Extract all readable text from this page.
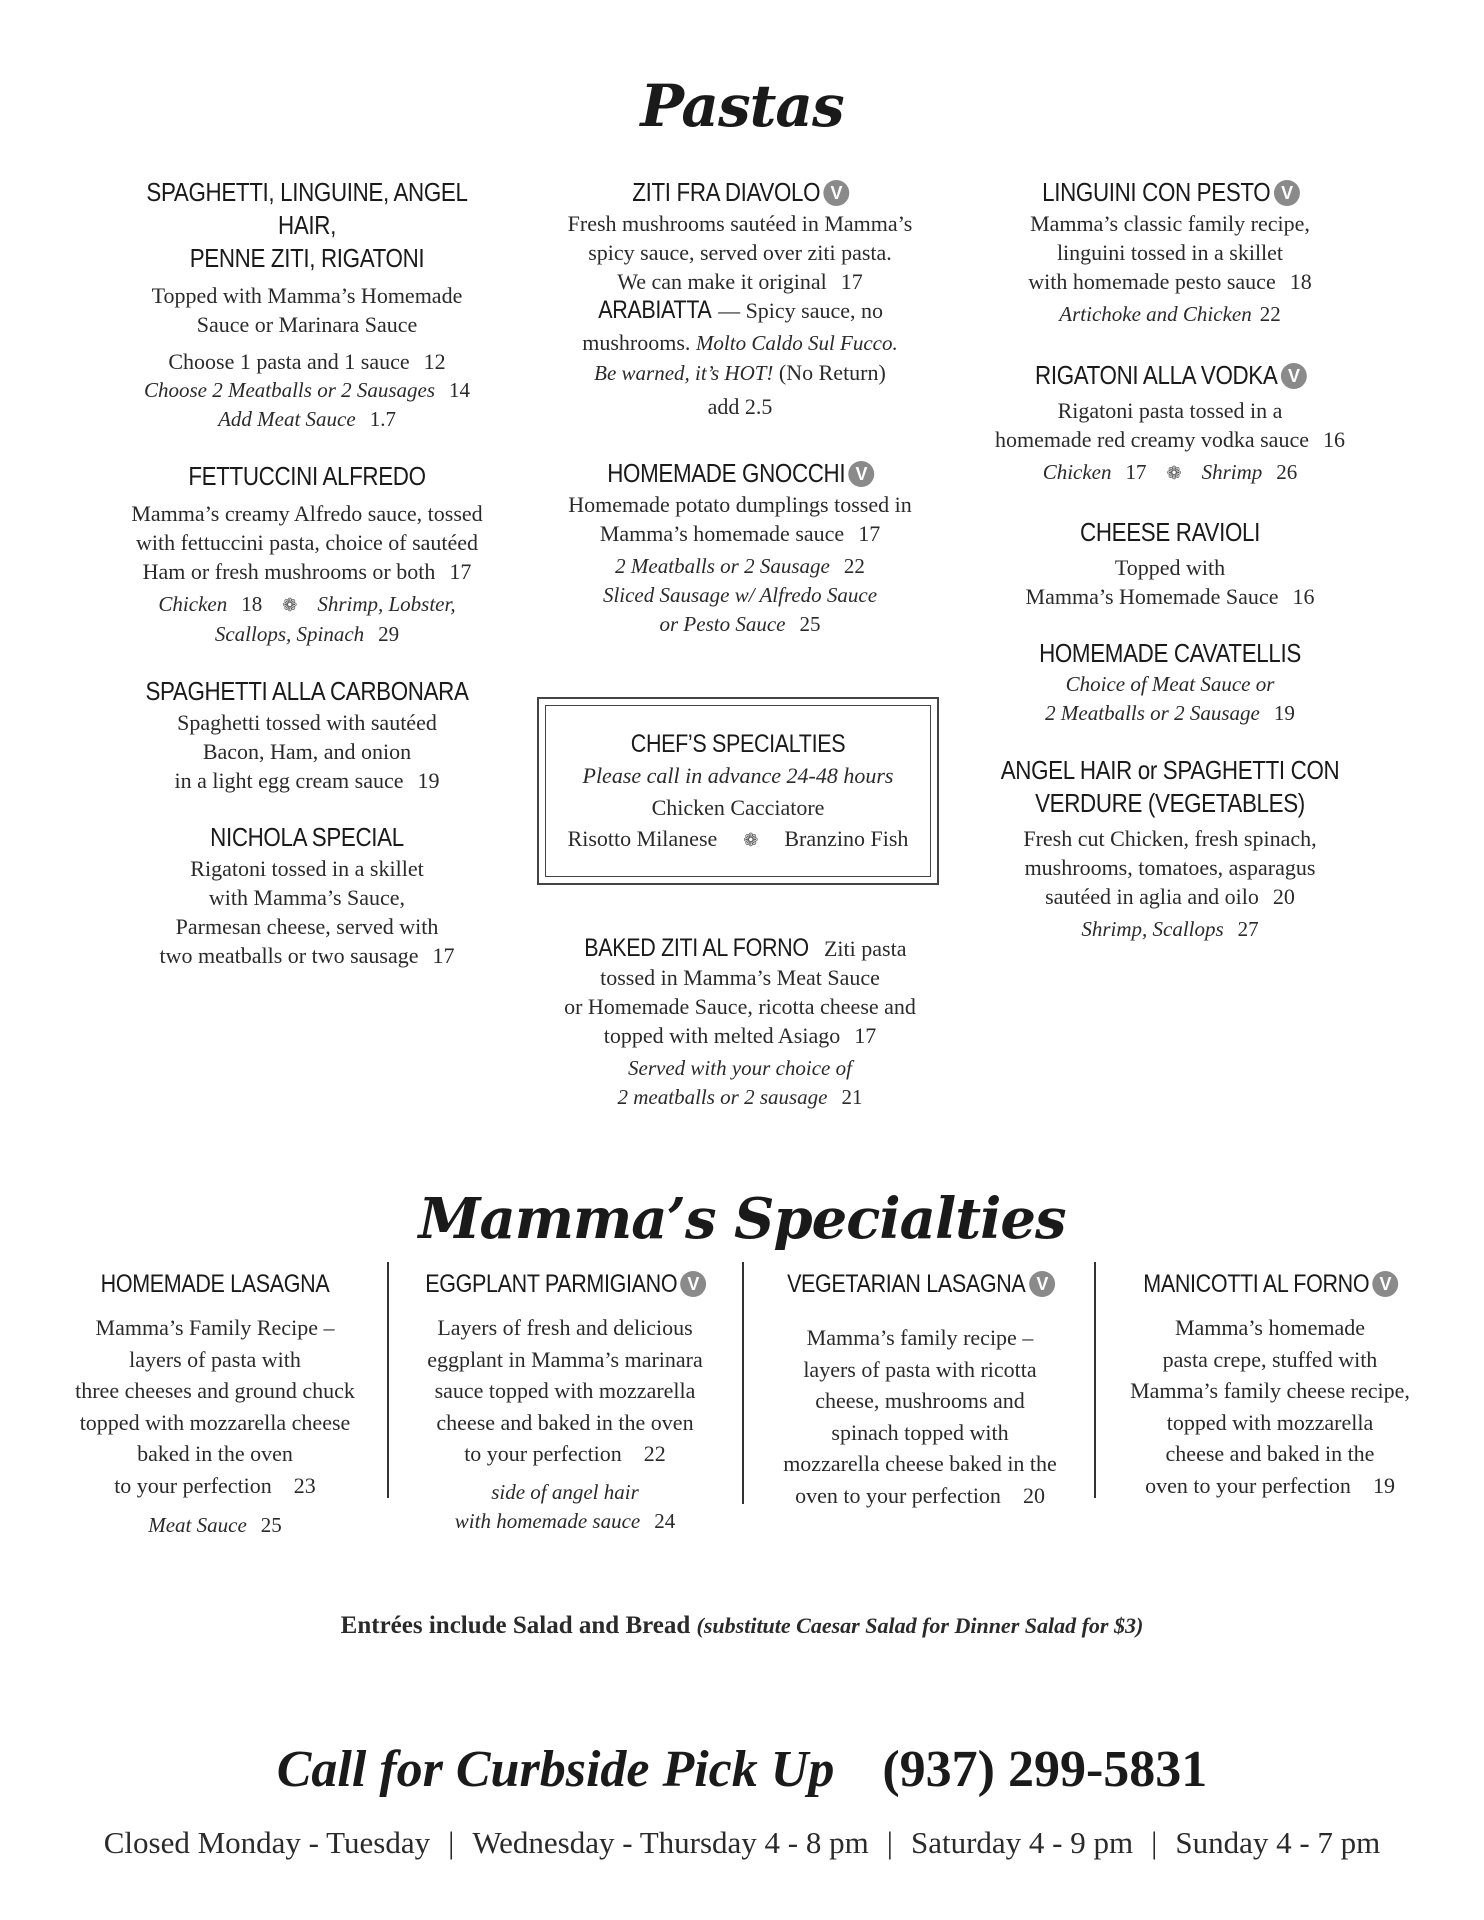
Pastas
SPAGHETTI, LINGUINE, ANGEL HAIR,
PENNE ZITI, RIGATONI
Topped with Mamma’s Homemade
Sauce or Marinara Sauce
Choose 1 pasta and 1 sauce 12
Choose 2 Meatballs or 2 Sausages 14
Add Meat Sauce 1.7
FETTUCCINI ALFREDO
Mamma’s creamy Alfredo sauce, tossed
with fettuccini pasta, choice of sautéed
Ham or fresh mushrooms or both 17
Chicken 18 ❁ Shrimp, Lobster,
Scallops, Spinach 29
SPAGHETTI ALLA CARBONARA
Spaghetti tossed with sautéed
Bacon, Ham, and onion
in a light egg cream sauce 19
NICHOLA SPECIAL
Rigatoni tossed in a skillet
with Mamma’s Sauce,
Parmesan cheese, served with
two meatballs or two sausage 17
ZITI FRA DIAVOLO V
Fresh mushrooms sautéed in Mamma’s
spicy sauce, served over ziti pasta.
We can make it original 17
ARABIATTA — Spicy sauce, no
mushrooms. Molto Caldo Sul Fucco.
Be warned, it’s HOT! (No Return)
add 2.5
HOMEMADE GNOCCHI V
Homemade potato dumplings tossed in
Mamma’s homemade sauce 17
2 Meatballs or 2 Sausage 22
Sliced Sausage w/ Alfredo Sauce
or Pesto Sauce 25
CHEF’S SPECIALTIES
Please call in advance 24-48 hours
Chicken Cacciatore
Risotto Milanese ❁ Branzino Fish
BAKED ZITI AL FORNO Ziti pasta
tossed in Mamma’s Meat Sauce
or Homemade Sauce, ricotta cheese and
topped with melted Asiago 17
Served with your choice of
2 meatballs or 2 sausage 21
LINGUINI CON PESTO V
Mamma’s classic family recipe,
linguini tossed in a skillet
with homemade pesto sauce 18
Artichoke and Chicken 22
RIGATONI ALLA VODKA V
Rigatoni pasta tossed in a
homemade red creamy vodka sauce 16
Chicken 17 ❁ Shrimp 26
CHEESE RAVIOLI
Topped with
Mamma’s Homemade Sauce 16
HOMEMADE CAVATELLIS
Choice of Meat Sauce or
2 Meatballs or 2 Sausage 19
ANGEL HAIR or SPAGHETTI CON
VERDURE (VEGETABLES)
Fresh cut Chicken, fresh spinach,
mushrooms, tomatoes, asparagus
sautéed in aglia and oilo 20
Shrimp, Scallops 27
Mamma’s Specialties
HOMEMADE LASAGNA
Mamma’s Family Recipe –
layers of pasta with
three cheeses and ground chuck
topped with mozzarella cheese
baked in the oven
to your perfection 23
Meat Sauce 25
EGGPLANT PARMIGIANO V
Layers of fresh and delicious
eggplant in Mamma’s marinara
sauce topped with mozzarella
cheese and baked in the oven
to your perfection 22
side of angel hair
with homemade sauce 24
VEGETARIAN LASAGNA V
Mamma’s family recipe –
layers of pasta with ricotta
cheese, mushrooms and
spinach topped with
mozzarella cheese baked in the
oven to your perfection 20
MANICOTTI AL FORNO V
Mamma’s homemade
pasta crepe, stuffed with
Mamma’s family cheese recipe,
topped with mozzarella
cheese and baked in the
oven to your perfection 19
Entrées include Salad and Bread (substitute Caesar Salad for Dinner Salad for $3)
Call for Curbside Pick Up (937) 299-5831
Closed Monday - Tuesday | Wednesday - Thursday 4 - 8 pm | Saturday 4 - 9 pm | Sunday 4 - 7 pm
